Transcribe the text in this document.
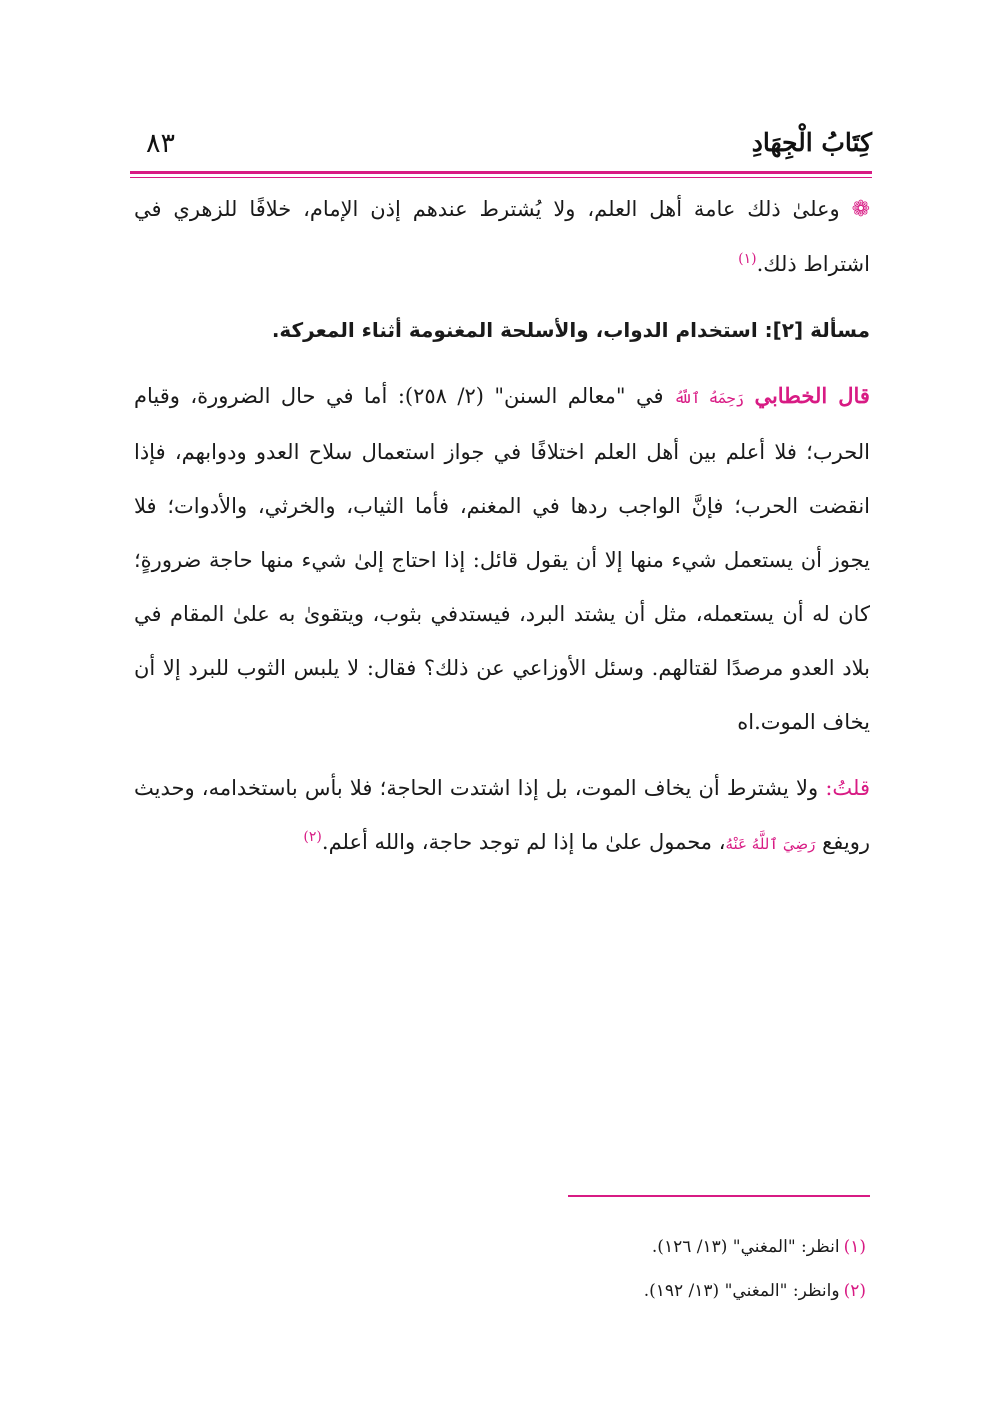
كِتَابُ الْجِهَادِ
٨٣

❁ وعلىٰ ذلك عامة أهل العلم، ولا يُشترط عندهم إذن الإمام، خلافًا للزهري في اشتراط ذلك.$^{(١)}$

مسألة [٢]: استخدام الدواب، والأسلحة المغنومة أثناء المعركة.

قال الخطابي رَحِمَهُ ٱللَّهُ في "معالم السنن" (٢/ ٢٥٨): أما في حال الضرورة، وقيام الحرب؛ فلا أعلم بين أهل العلم اختلافًا في جواز استعمال سلاح العدو ودوابهم، فإذا انقضت الحرب؛ فإنَّ الواجب ردها في المغنم، فأما الثياب، والخرثي، والأدوات؛ فلا يجوز أن يستعمل شيء منها إلا أن يقول قائل: إذا احتاج إلىٰ شيء منها حاجة ضرورةٍ؛ كان له أن يستعمله، مثل أن يشتد البرد، فيستدفي بثوب، ويتقوىٰ به علىٰ المقام في بلاد العدو مرصدًا لقتالهم. وسئل الأوزاعي عن ذلك؟ فقال: لا يلبس الثوب للبرد إلا أن يخاف الموت.اه

قلتُ: ولا يشترط أن يخاف الموت، بل إذا اشتدت الحاجة؛ فلا بأس باستخدامه، وحديث رويفع رَضِيَ ٱللَّهُ عَنْهُ، محمول علىٰ ما إذا لم توجد حاجة، والله أعلم.$^{(٢)}$

(١)انظر: "المغني" (١٣/ ١٢٦).
(٢)وانظر: "المغني" (١٣/ ١٩٢).
